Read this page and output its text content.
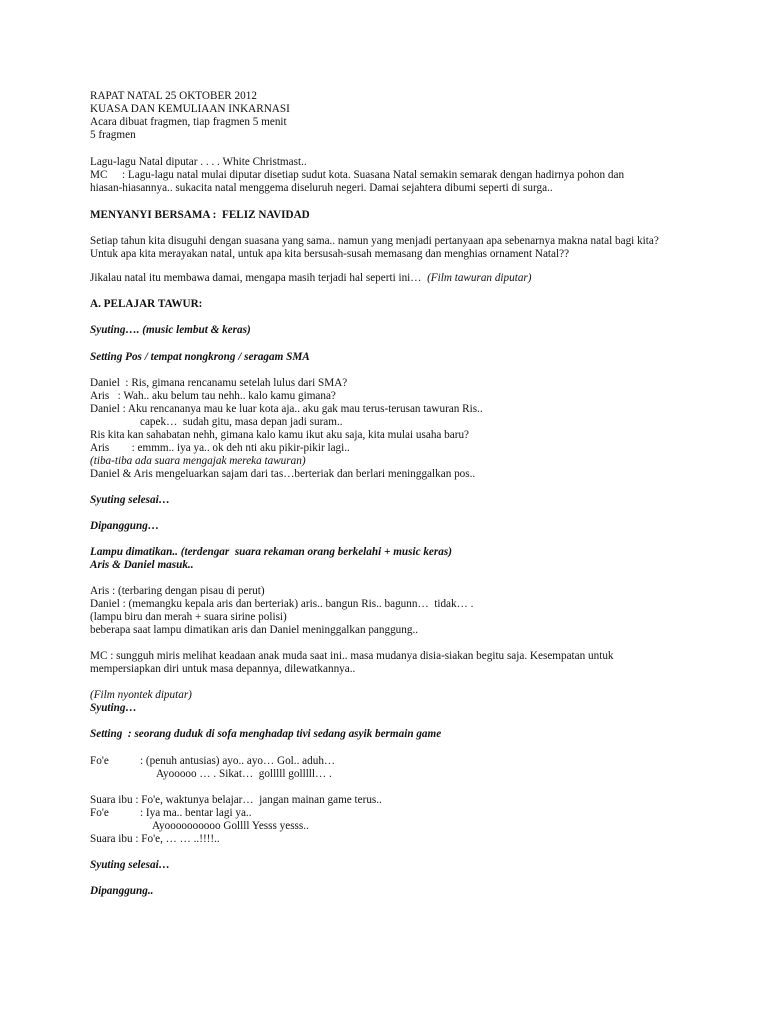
RAPAT NATAL 25 OKTOBER 2012
KUASA DAN KEMULIAAN INKARNASI
Acara dibuat fragmen, tiap fragmen 5 menit
5 fragmen
Lagu-lagu Natal diputar . . . . White Christmast..
MC : Lagu-lagu natal mulai diputar disetiap sudut kota. Suasana Natal semakin semarak dengan hadirnya pohon dan
hiasan-hiasannya.. sukacita natal menggema diseluruh negeri. Damai sejahtera dibumi seperti di surga..
MENYANYI BERSAMA :  FELIZ NAVIDAD
Setiap tahun kita disuguhi dengan suasana yang sama.. namun yang menjadi pertanyaan apa sebenarnya makna natal bagi kita?
Untuk apa kita merayakan natal, untuk apa kita bersusah-susah memasang dan menghias ornament Natal??
Jikalau natal itu membawa damai, mengapa masih terjadi hal seperti ini…  (Film tawuran diputar)
A. PELAJAR TAWUR:
Syuting…. (music lembut & keras)
Setting Pos / tempat nongkrong / seragam SMA
Daniel  : Ris, gimana rencanamu setelah lulus dari SMA?
Aris   : Wah.. aku belum tau nehh.. kalo kamu gimana?
Daniel : Aku rencananya mau ke luar kota aja.. aku gak mau terus-terusan tawuran Ris..
capek…  sudah gitu, masa depan jadi suram..
Ris kita kan sahabatan nehh, gimana kalo kamu ikut aku saja, kita mulai usaha baru?
Aris        : emmm.. iya ya.. ok deh nti aku pikir-pikir lagi..
(tiba-tiba ada suara mengajak mereka tawuran)
Daniel & Aris mengeluarkan sajam dari tas…berteriak dan berlari meninggalkan pos..
Syuting selesai…
Dipanggung…
Lampu dimatikan.. (terdengar  suara rekaman orang berkelahi + music keras)
Aris & Daniel masuk..
Aris : (terbaring dengan pisau di perut)
Daniel : (memangku kepala aris dan berteriak) aris.. bangun Ris.. bagunn…  tidak… .
(lampu biru dan merah + suara sirine polisi)
beberapa saat lampu dimatikan aris dan Daniel meninggalkan panggung..
MC : sungguh miris melihat keadaan anak muda saat ini.. masa mudanya disia-siakan begitu saja. Kesempatan untuk
mempersiapkan diri untuk masa depannya, dilewatkannya..
(Film nyontek diputar)
Syuting…
Setting  : seorang duduk di sofa menghadap tivi sedang asyik bermain game
Fo'e	: (penuh antusias) ayo.. ayo… Gol.. aduh…
Ayooooo … . Sikat…  golllll golllll… .
Suara ibu : Fo'e, waktunya belajar…  jangan mainan game terus..
Fo'e	: Iya ma.. bentar lagi ya..
Ayoooooooooo Gollll Yesss yesss..
Suara ibu : Fo'e, … … ..!!!!..
Syuting selesai…
Dipanggung..
